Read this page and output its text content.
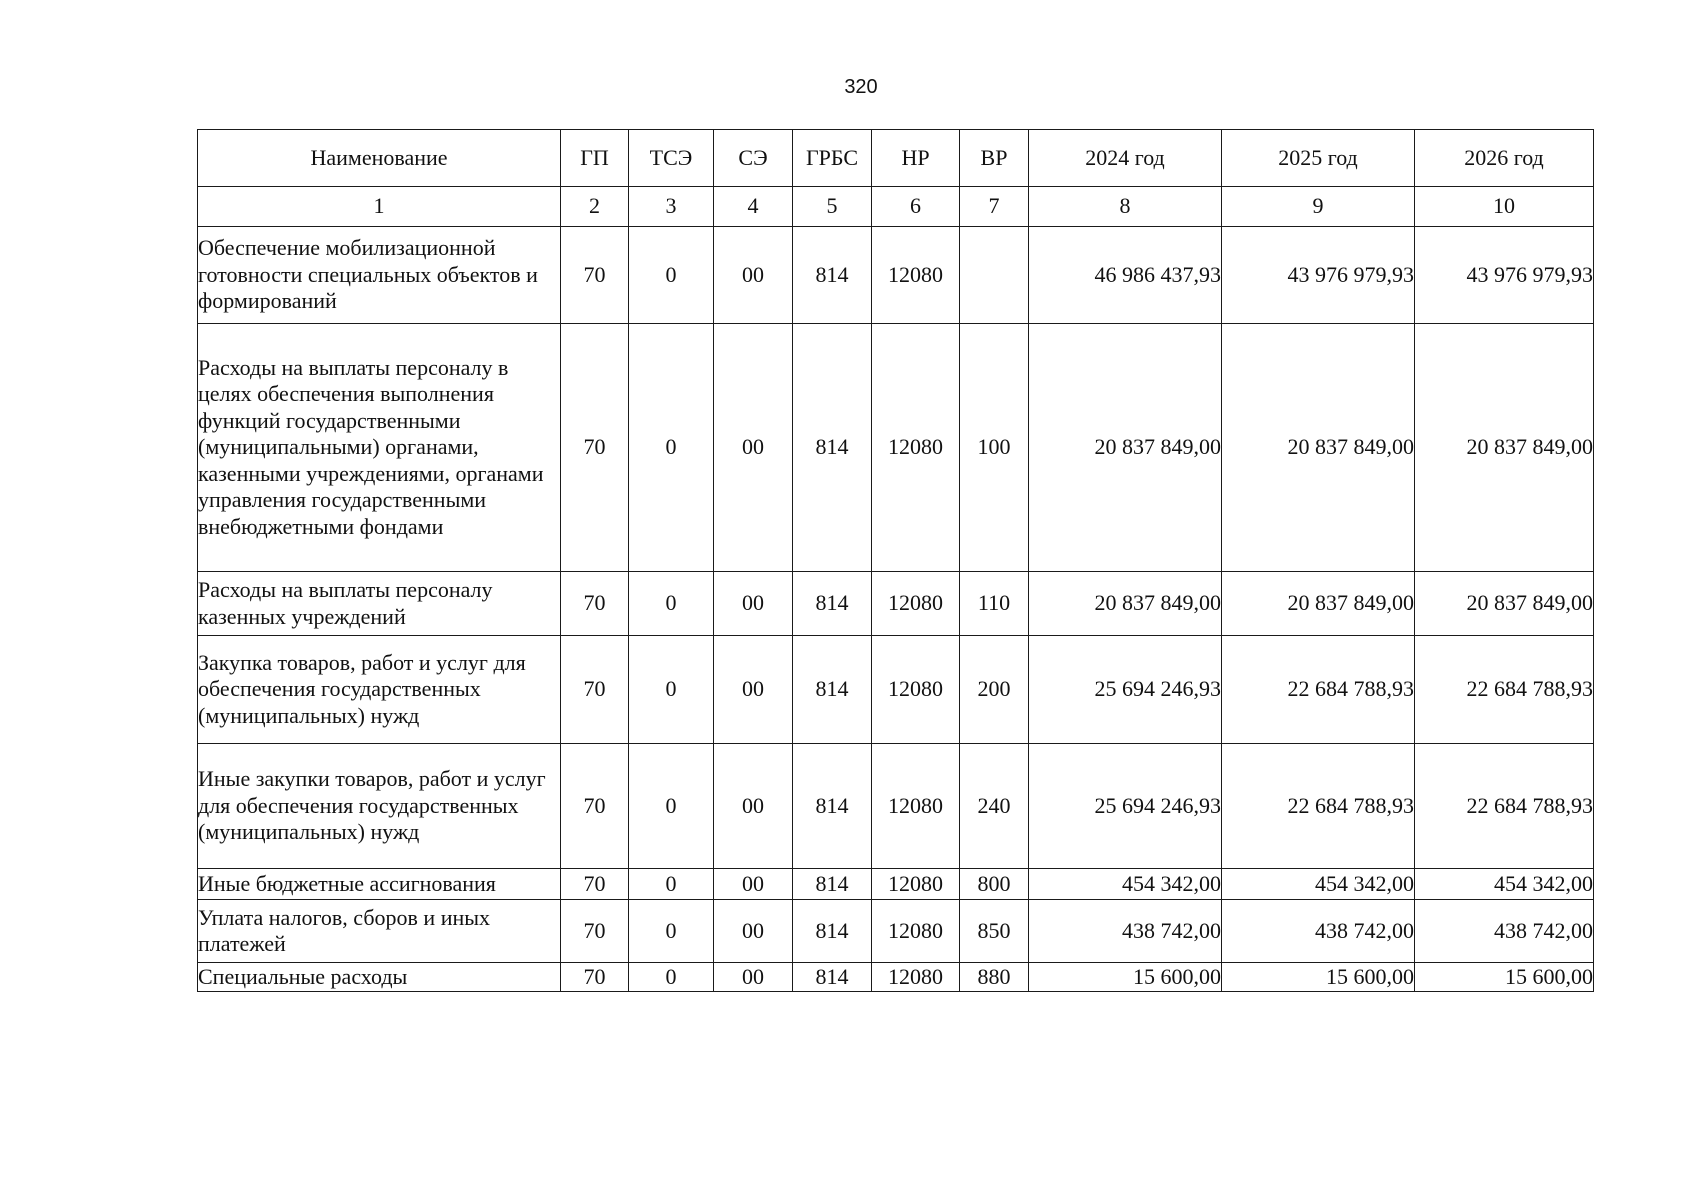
320
Наименование	ГП	ТСЭ	СЭ	ГРБС	НР	ВР	2024 год	2025 год	2026 год
1	2	3	4	5	6	7	8	9	10
Обеспечение мобилизационной готовности специальных объектов и формирований	70	0	00	814	12080		46 986 437,93	43 976 979,93	43 976 979,93
Расходы на выплаты персоналу в целях обеспечения выполнения функций государственными (муниципальными) органами, казенными учреждениями, органами управления государственными внебюджетными фондами	70	0	00	814	12080	100	20 837 849,00	20 837 849,00	20 837 849,00
Расходы на выплаты персоналу казенных учреждений	70	0	00	814	12080	110	20 837 849,00	20 837 849,00	20 837 849,00
Закупка товаров, работ и услуг для обеспечения государственных (муниципальных) нужд	70	0	00	814	12080	200	25 694 246,93	22 684 788,93	22 684 788,93
Иные закупки товаров, работ и услуг для обеспечения государственных (муниципальных) нужд	70	0	00	814	12080	240	25 694 246,93	22 684 788,93	22 684 788,93
Иные бюджетные ассигнования	70	0	00	814	12080	800	454 342,00	454 342,00	454 342,00
Уплата налогов, сборов и иных платежей	70	0	00	814	12080	850	438 742,00	438 742,00	438 742,00
Специальные расходы	70	0	00	814	12080	880	15 600,00	15 600,00	15 600,00
